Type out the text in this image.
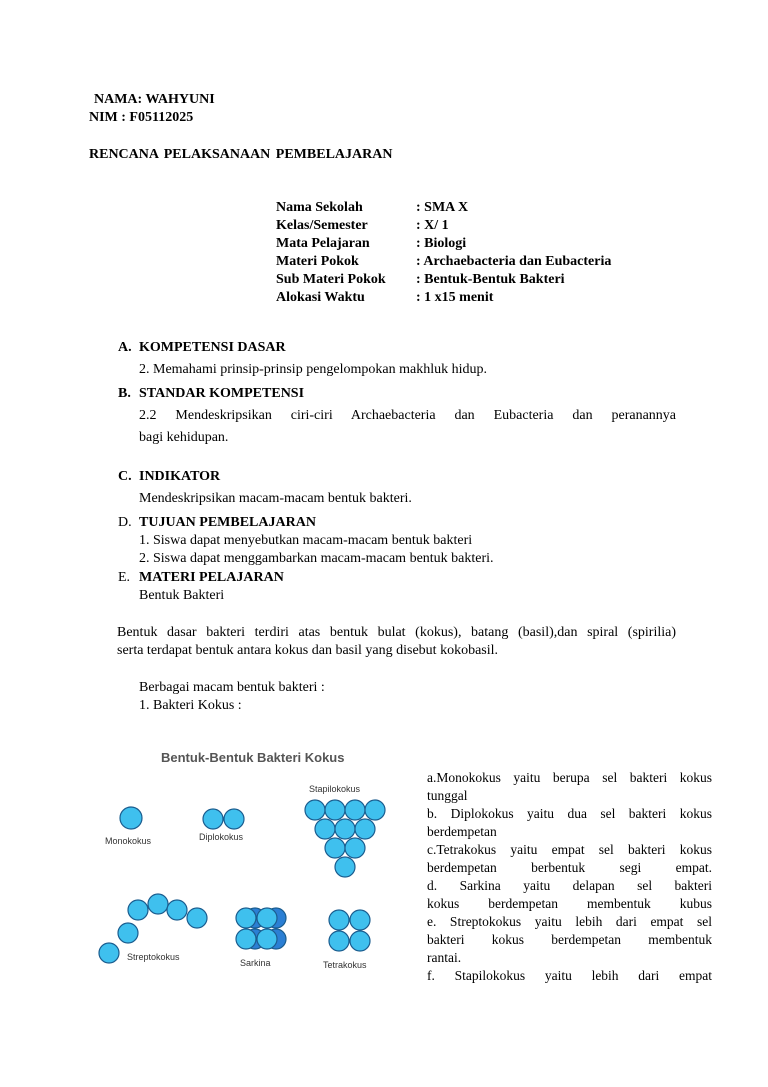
NAMA: WAHYUNI
NIM : F05112025
RENCANA PELAKSANAAN PEMBELAJARAN
Nama Sekolah	: SMA X
Kelas/Semester	: X/ 1
Mata Pelajaran	: Biologi
Materi Pokok	: Archaebacteria dan Eubacteria
Sub Materi Pokok	: Bentuk-Bentuk Bakteri
Alokasi Waktu	: 1 x15 menit
A. KOMPETENSI DASAR
2. Memahami prinsip-prinsip pengelompokan makhluk hidup.
B. STANDAR KOMPETENSI
2.2 Mendeskripsikan ciri-ciri Archaebacteria dan Eubacteria dan peranannya
bagi kehidupan.
C. INDIKATOR
Mendeskripsikan macam-macam bentuk bakteri.
D. TUJUAN PEMBELAJARAN
1. Siswa dapat menyebutkan macam-macam bentuk bakteri
2. Siswa dapat menggambarkan macam-macam bentuk bakteri.
E. MATERI PELAJARAN
Bentuk Bakteri
Bentuk dasar bakteri terdiri atas bentuk bulat (kokus), batang (basil),dan spiral (spirilia)
serta terdapat bentuk antara kokus dan basil yang disebut kokobasil.
Berbagai macam bentuk bakteri :
1. Bakteri Kokus :
Bentuk-Bentuk Bakteri Kokus
Monokokus	Diplokokus
Stapilokokus
Streptokokus
Sarkina	Tetrakokus
a.Monokokus yaitu berupa sel bakteri kokus
tunggal
b. Diplokokus yaitu dua sel bakteri kokus
berdempetan
c.Tetrakokus yaitu empat sel bakteri kokus
berdempetan berbentuk segi empat.
d. Sarkina yaitu delapan sel bakteri
kokus berdempetan membentuk kubus
e. Streptokokus yaitu lebih dari empat sel
bakteri kokus berdempetan membentuk
rantai.
f. Stapilokokus yaitu lebih dari empat
